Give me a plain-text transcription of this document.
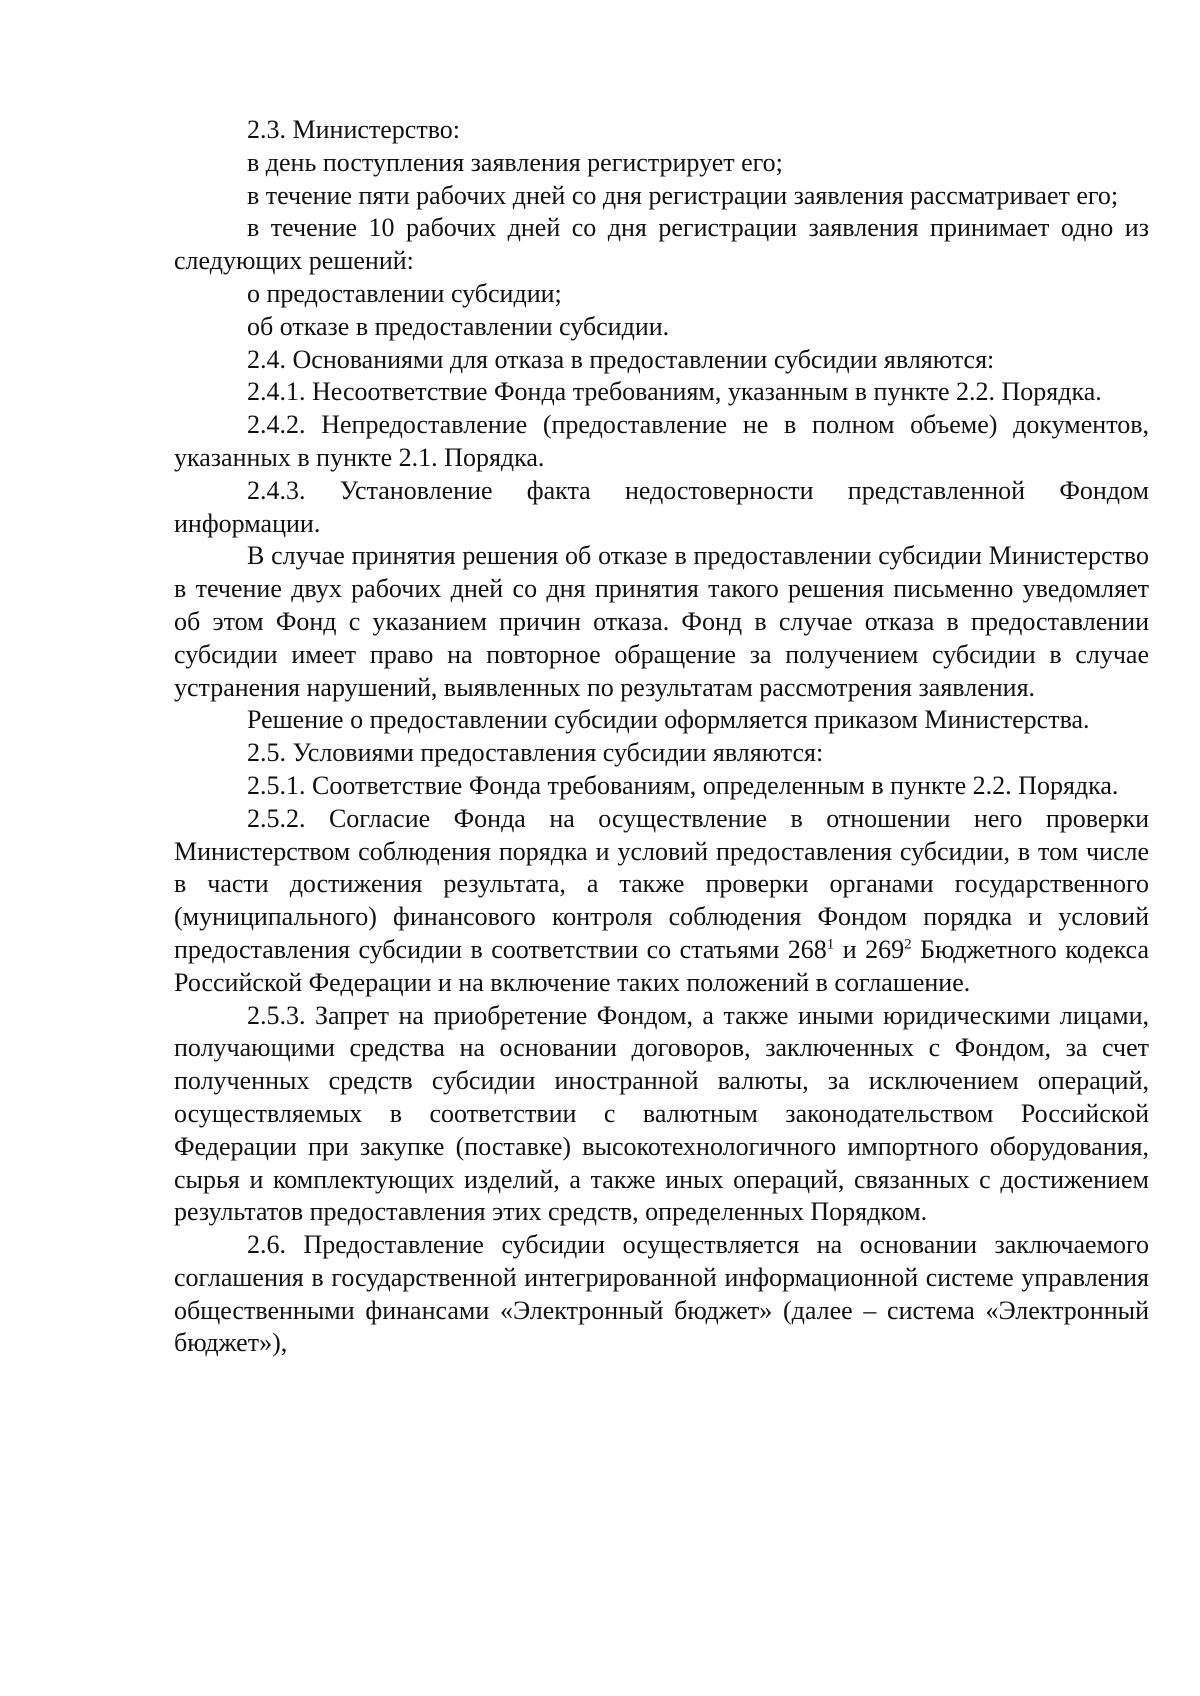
2.3. Министерство:

в день поступления заявления регистрирует его;

в течение пяти рабочих дней со дня регистрации заявления рассматривает его;

в течение 10 рабочих дней со дня регистрации заявления принимает одно из следующих решений:

о предоставлении субсидии;

об отказе в предоставлении субсидии.

2.4. Основаниями для отказа в предоставлении субсидии являются:

2.4.1. Несоответствие Фонда требованиям, указанным в пункте 2.2. Порядка.

2.4.2. Непредоставление (предоставление не в полном объеме) документов, указанных в пункте 2.1. Порядка.

2.4.3. Установление факта недостоверности представленной Фондом информации.

В случае принятия решения об отказе в предоставлении субсидии Министерство в течение двух рабочих дней со дня принятия такого решения письменно уведомляет об этом Фонд с указанием причин отказа. Фонд в случае отказа в предоставлении субсидии имеет право на повторное обращение за получением субсидии в случае устранения нарушений, выявленных по результатам рассмотрения заявления.

Решение о предоставлении субсидии оформляется приказом Министерства.

2.5. Условиями предоставления субсидии являются:

2.5.1. Соответствие Фонда требованиям, определенным в пункте 2.2. Порядка.

2.5.2. Согласие Фонда на осуществление в отношении него проверки Министерством соблюдения порядка и условий предоставления субсидии, в том числе в части достижения результата, а также проверки органами государственного (муниципального) финансового контроля соблюдения Фондом порядка и условий предоставления субсидии в соответствии со статьями $268^1$ и $269^2$ Бюджетного кодекса Российской Федерации и на включение таких положений в соглашение.

2.5.3. Запрет на приобретение Фондом, а также иными юридическими лицами, получающими средства на основании договоров, заключенных с Фондом, за счет полученных средств субсидии иностранной валюты, за исключением операций, осуществляемых в соответствии с валютным законодательством Российской Федерации при закупке (поставке) высокотехнологичного импортного оборудования, сырья и комплектующих изделий, а также иных операций, связанных с достижением результатов предоставления этих средств, определенных Порядком.

2.6. Предоставление субсидии осуществляется на основании заключаемого соглашения в государственной интегрированной информационной системе управления общественными финансами «Электронный бюджет» (далее – система «Электронный бюджет»),
